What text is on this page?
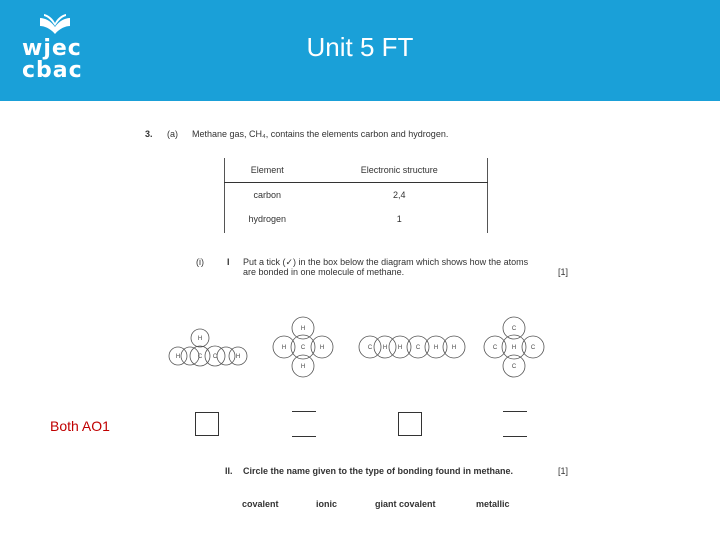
wjec
cbac
Unit 5 FT
Both AO1
3. (a) Methane gas, CH₄, contains the elements carbon and hydrogen.
Element	Electronic structure
carbon	2,4
hydrogen	1
(i)	I Put a tick (✓) in the box below the diagram which shows how the atoms are bonded in one molecule of methane.	[1]
H
H	C C	H
H
H C H
H
C H H C H H
C
C H C
C
II. Circle the name given to the type of bonding found in methane.	[1]
covalent	ionic	giant covalent	metallic
